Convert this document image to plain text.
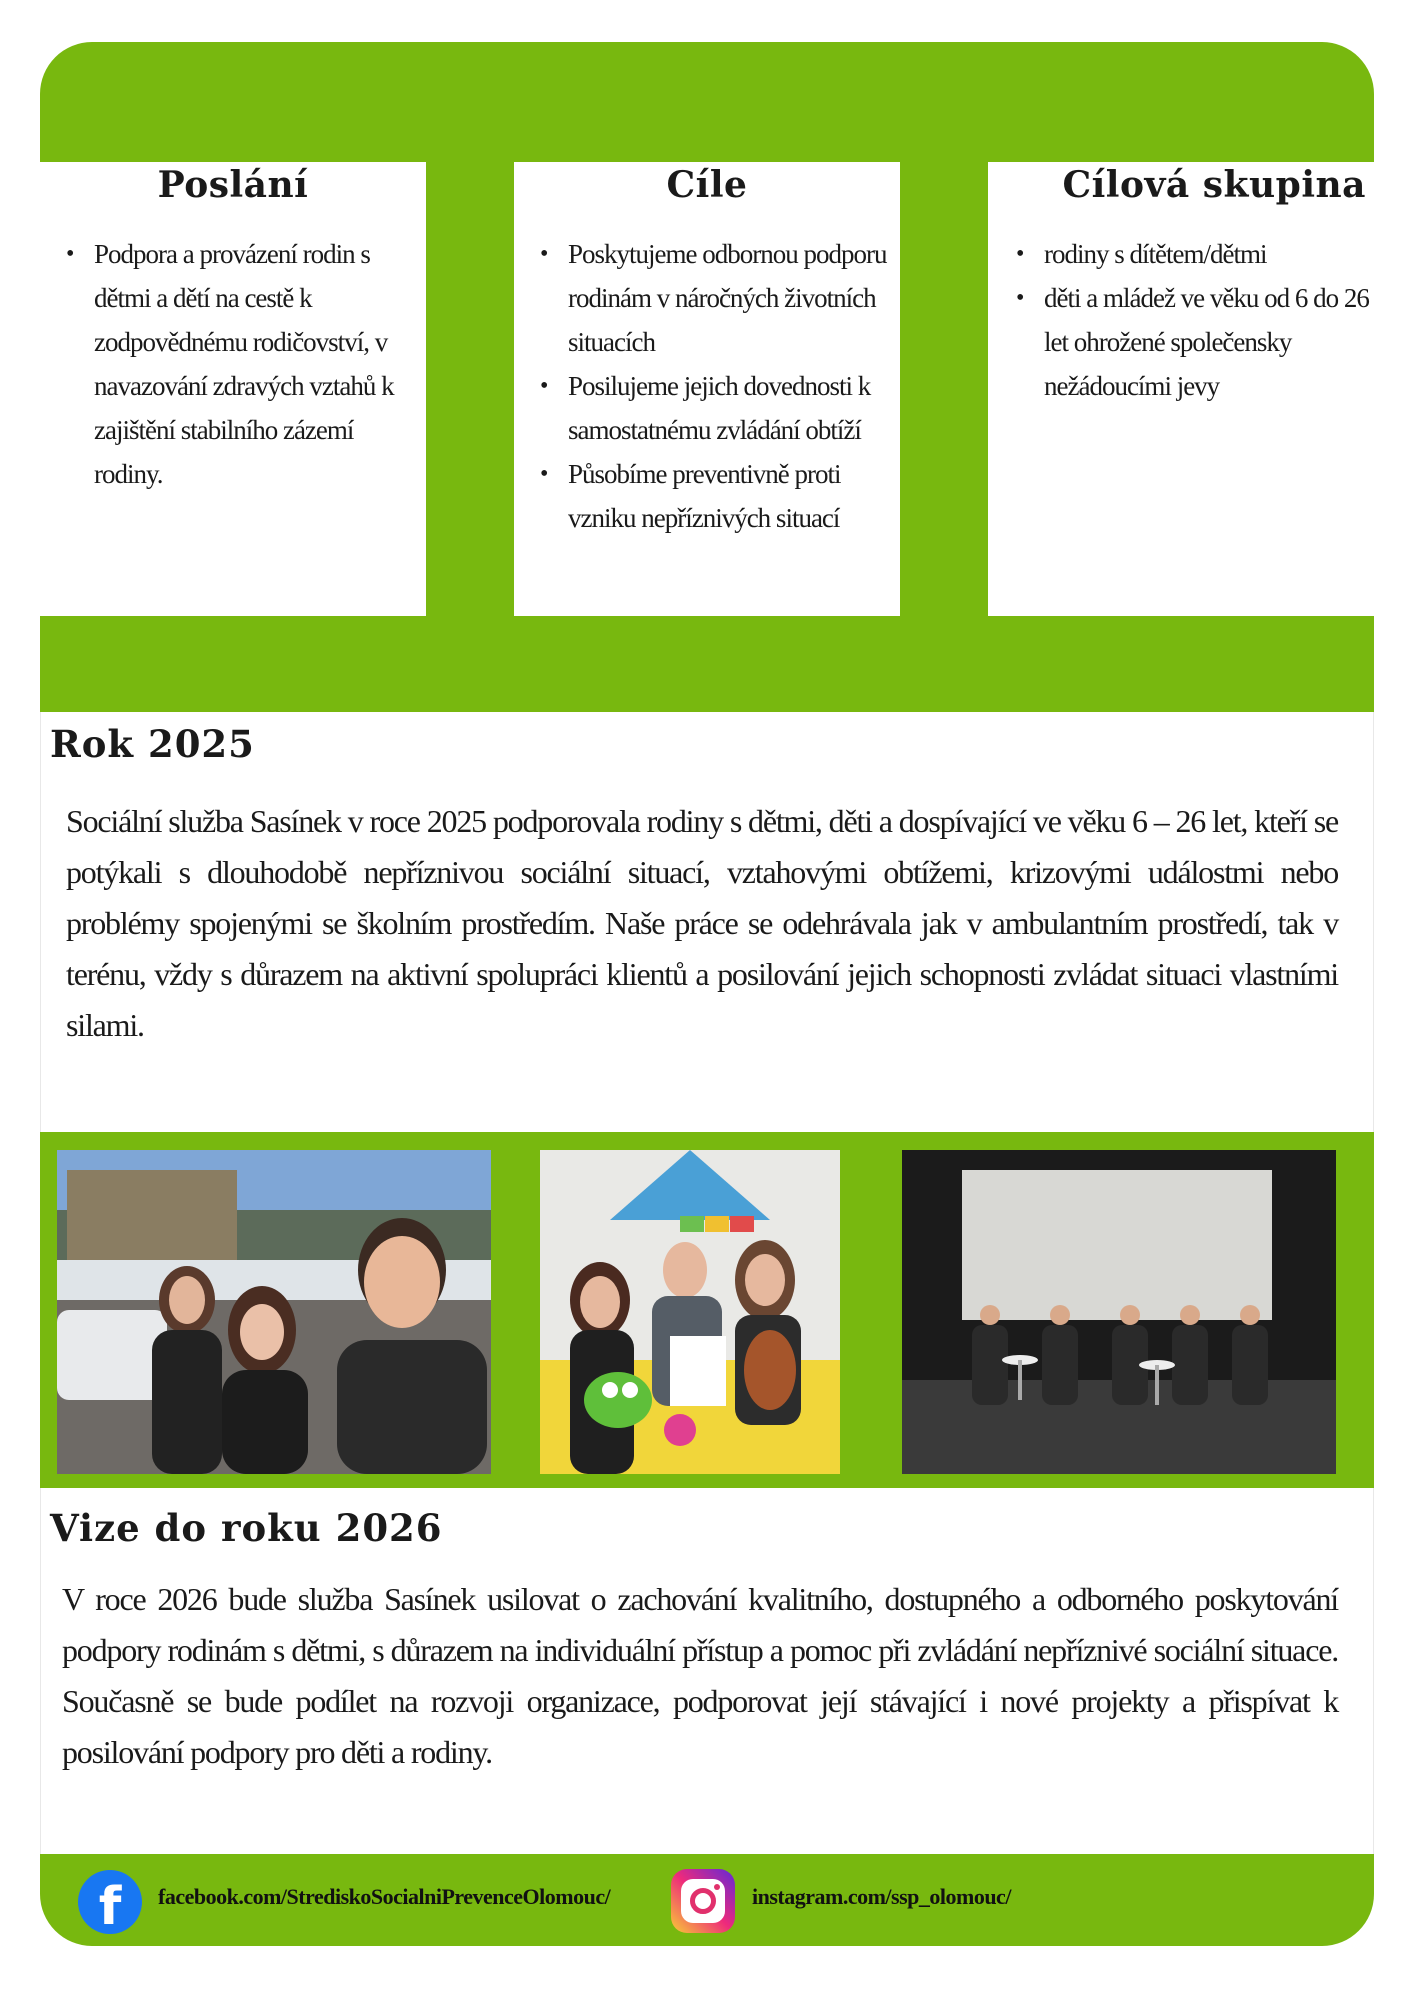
Poslání
• Podpora a provázení rodin s dětmi a dětí na cestě k zodpovědnému rodičovství, v navazování zdravých vztahů k zajištění stabilního zázemí rodiny.
Cíle
• Poskytujeme odbornou podporu rodinám v náročných životních situacích
• Posilujeme jejich dovednosti k samostatnému zvládání obtíží
• Působíme preventivně proti vzniku nepříznivých situací
Cílová skupina
• rodiny s dítětem/dětmi
• děti a mládež ve věku od 6 do 26 let ohrožené společensky nežádoucími jevy
Rok 2025

Sociální služba Sasínek v roce 2025 podporovala rodiny s dětmi, děti a dospívající ve věku 6 – 26 let, kteří se potýkali s dlouhodobě nepříznivou sociální situací, vztahovými obtížemi, krizovými událostmi nebo problémy spojenými se školním prostředím. Naše práce se odehrávala jak v ambulantním prostředí, tak v terénu, vždy s důrazem na aktivní spolupráci klientů a posilování jejich schopnosti zvládat situaci vlastními silami.

Vize do roku 2026

V roce 2026 bude služba Sasínek usilovat o zachování kvalitního, dostupného a odborného poskytování podpory rodinám s dětmi, s důrazem na individuální přístup a pomoc při zvládání nepříznivé sociální situace. Současně se bude podílet na rozvoji organizace, podporovat její stávající i nové projekty a přispívat k posilování podpory pro děti a rodiny.

f	facebook.com/StrediskoSocialniPrevenceOlomouc/	instagram.com/ssp_olomouc/
